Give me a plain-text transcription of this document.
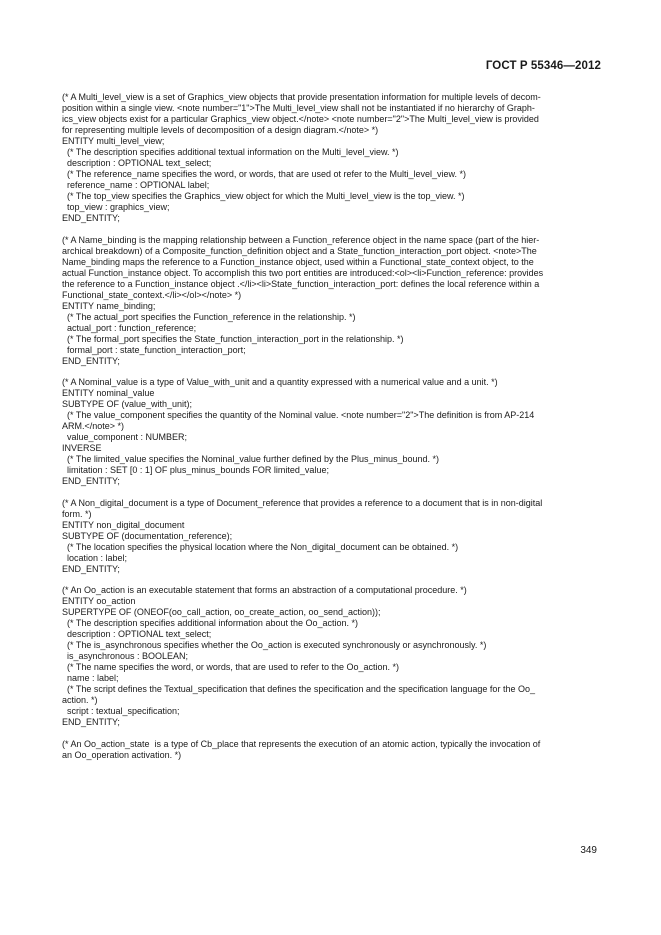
ГОСТ Р 55346—2012
(* A Multi_level_view is a set of Graphics_view objects that provide presentation information for multiple levels of decom-
position within a single view. <note number="1">The Multi_level_view shall not be instantiated if no hierarchy of Graph-
ics_view objects exist for a particular Graphics_view object.</note> <note number="2">The Multi_level_view is provided
for representing multiple levels of decomposition of a design diagram.</note> *)
ENTITY multi_level_view;
(* The description specifies additional textual information on the Multi_level_view. *)
description : OPTIONAL text_select;
(* The reference_name specifies the word, or words, that are used ot refer to the Multi_level_view. *)
reference_name : OPTIONAL label;
(* The top_view specifies the Graphics_view object for which the Multi_level_view is the top_view. *)
top_view : graphics_view;
END_ENTITY;
(* A Name_binding is the mapping relationship between a Function_reference object in the name space (part of the hier-
archical breakdown) of a Composite_function_definition object and a State_function_interaction_port object. <note>The
Name_binding maps the reference to a Function_instance object, used within a Functional_state_context object, to the
actual Function_instance object. To accomplish this two port entities are introduced:<ol><li>Function_reference: provides
the reference to a Function_instance object .</li><li>State_function_interaction_port: defines the local reference within a
Functional_state_context.</li></ol></note> *)
ENTITY name_binding;
(* The actual_port specifies the Function_reference in the relationship. *)
actual_port : function_reference;
(* The formal_port specifies the State_function_interaction_port in the relationship. *)
formal_port : state_function_interaction_port;
END_ENTITY;
(* A Nominal_value is a type of Value_with_unit and a quantity expressed with a numerical value and a unit. *)
ENTITY nominal_value
SUBTYPE OF (value_with_unit);
(* The value_component specifies the quantity of the Nominal value. <note number="2">The definition is from AP-214
ARM.</note> *)
value_component : NUMBER;
INVERSE
(* The limited_value specifies the Nominal_value further defined by the Plus_minus_bound. *)
limitation : SET [0 : 1] OF plus_minus_bounds FOR limited_value;
END_ENTITY;
(* A Non_digital_document is a type of Document_reference that provides a reference to a document that is in non-digital
form. *)
ENTITY non_digital_document
SUBTYPE OF (documentation_reference);
(* The location specifies the physical location where the Non_digital_document can be obtained. *)
location : label;
END_ENTITY;
(* An Oo_action is an executable statement that forms an abstraction of a computational procedure. *)
ENTITY oo_action
SUPERTYPE OF (ONEOF(oo_call_action, oo_create_action, oo_send_action));
(* The description specifies additional information about the Oo_action. *)
description : OPTIONAL text_select;
(* The is_asynchronous specifies whether the Oo_action is executed synchronously or asynchronously. *)
is_asynchronous : BOOLEAN;
(* The name specifies the word, or words, that are used to refer to the Oo_action. *)
name : label;
(* The script defines the Textual_specification that defines the specification and the specification language for the Oo_
action. *)
script : textual_specification;
END_ENTITY;
(* An Oo_action_state  is a type of Cb_place that represents the execution of an atomic action, typically the invocation of
an Oo_operation activation. *)
349
